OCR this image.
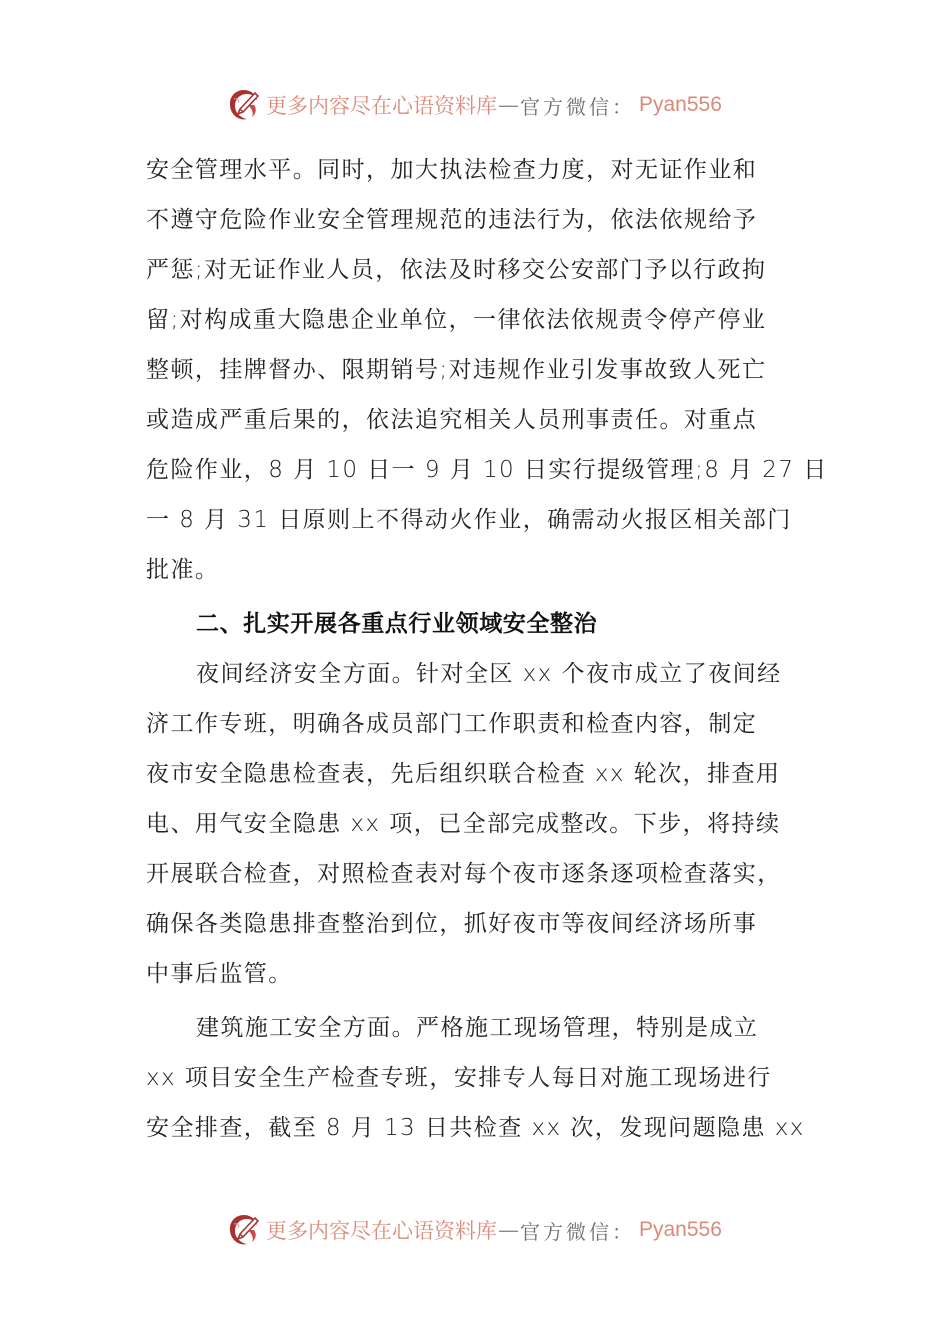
更多内容尽在心语资料库 — 官方微信： Pyan556
安全管理水平。同时，加大执法检查力度，对无证作业和
不遵守危险作业安全管理规范的违法行为，依法依规给予
严惩;对无证作业人员，依法及时移交公安部门予以行政拘
留;对构成重大隐患企业单位，一律依法依规责令停产停业
整顿，挂牌督办、限期销号;对违规作业引发事故致人死亡
或造成严重后果的，依法追究相关人员刑事责任。对重点
危险作业，8 月 10 日一 9 月 10 日实行提级管理;8 月 27 日
一 8 月 31 日原则上不得动火作业，确需动火报区相关部门
批准。
二、扎实开展各重点行业领域安全整治
夜间经济安全方面。针对全区 xx 个夜市成立了夜间经
济工作专班，明确各成员部门工作职责和检查内容，制定
夜市安全隐患检查表，先后组织联合检查 xx 轮次，排查用
电、用气安全隐患 xx 项，已全部完成整改。下步，将持续
开展联合检查，对照检查表对每个夜市逐条逐项检查落实，
确保各类隐患排查整治到位，抓好夜市等夜间经济场所事
中事后监管。
建筑施工安全方面。严格施工现场管理，特别是成立
xx 项目安全生产检查专班，安排专人每日对施工现场进行
安全排查，截至 8 月 13 日共检查 xx 次，发现问题隐患 xx
更多内容尽在心语资料库 — 官方微信： Pyan556
